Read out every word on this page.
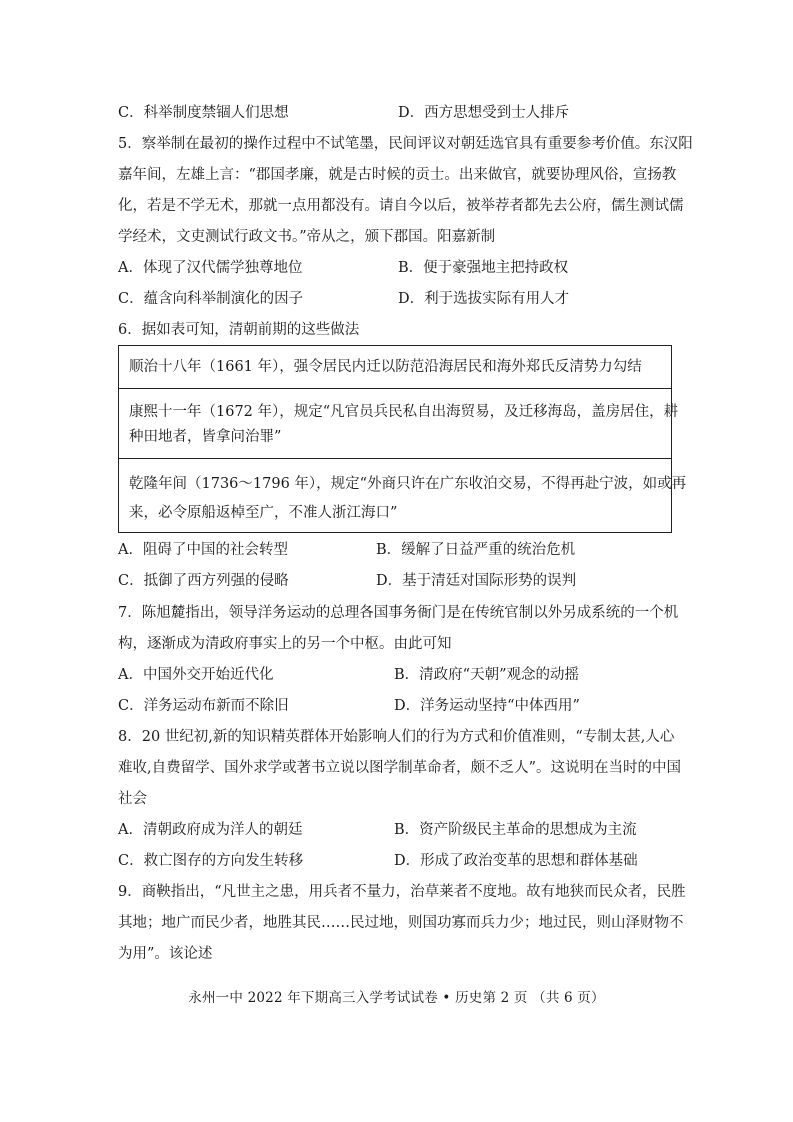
C．科举制度禁锢人们思想	D．西方思想受到士人排斥
5．察举制在最初的操作过程中不试笔墨，民间评议对朝廷选官具有重要参考价值。东汉阳
嘉年间，左雄上言：“郡国孝廉，就是古时候的贡士。出来做官，就要协理风俗，宣扬教
化，若是不学无术，那就一点用都没有。请自今以后，被举荐者都先去公府，儒生测试儒
学经术，文吏测试行政文书。”帝从之，颁下郡国。阳嘉新制
A．体现了汉代儒学独尊地位	B．便于豪强地主把持政权
C．蕴含向科举制演化的因子	D．利于选拔实际有用人才
6．据如表可知，清朝前期的这些做法
顺治十八年（1661 年），强令居民内迁以防范沿海居民和海外郑氏反清势力勾结
康熙十一年（1672 年），规定“凡官员兵民私自出海贸易，及迁移海岛，盖房居住，耕
种田地者，皆拿问治罪”
乾隆年间（1736～1796 年），规定“外商只许在广东收泊交易，不得再赴宁波，如或再
来，必令原船返棹至广，不准人浙江海口”
A．阻碍了中国的社会转型	B．缓解了日益严重的统治危机
C．抵御了西方列强的侵略	D．基于清廷对国际形势的误判
7．陈旭麓指出，领导洋务运动的总理各国事务衙门是在传统官制以外另成系统的一个机
构，逐渐成为清政府事实上的另一个中枢。由此可知
A．中国外交开始近代化	B．清政府“天朝”观念的动摇
C．洋务运动布新而不除旧	D．洋务运动坚持“中体西用”
8．20 世纪初,新的知识精英群体开始影响人们的行为方式和价值准则，“专制太甚,人心
难收,自费留学、国外求学或著书立说以图学制革命者，颇不乏人”。这说明在当时的中国
社会
A．清朝政府成为洋人的朝廷	B．资产阶级民主革命的思想成为主流
C．救亡图存的方向发生转移	D．形成了政治变革的思想和群体基础
9．商鞅指出，“凡世主之患，用兵者不量力，治草莱者不度地。故有地狭而民众者，民胜
其地；地广而民少者，地胜其民……民过地，则国功寡而兵力少；地过民，则山泽财物不
为用”。该论述
永州一中 2022 年下期高三入学考试试卷 • 历史第 2 页 （共 6 页）
